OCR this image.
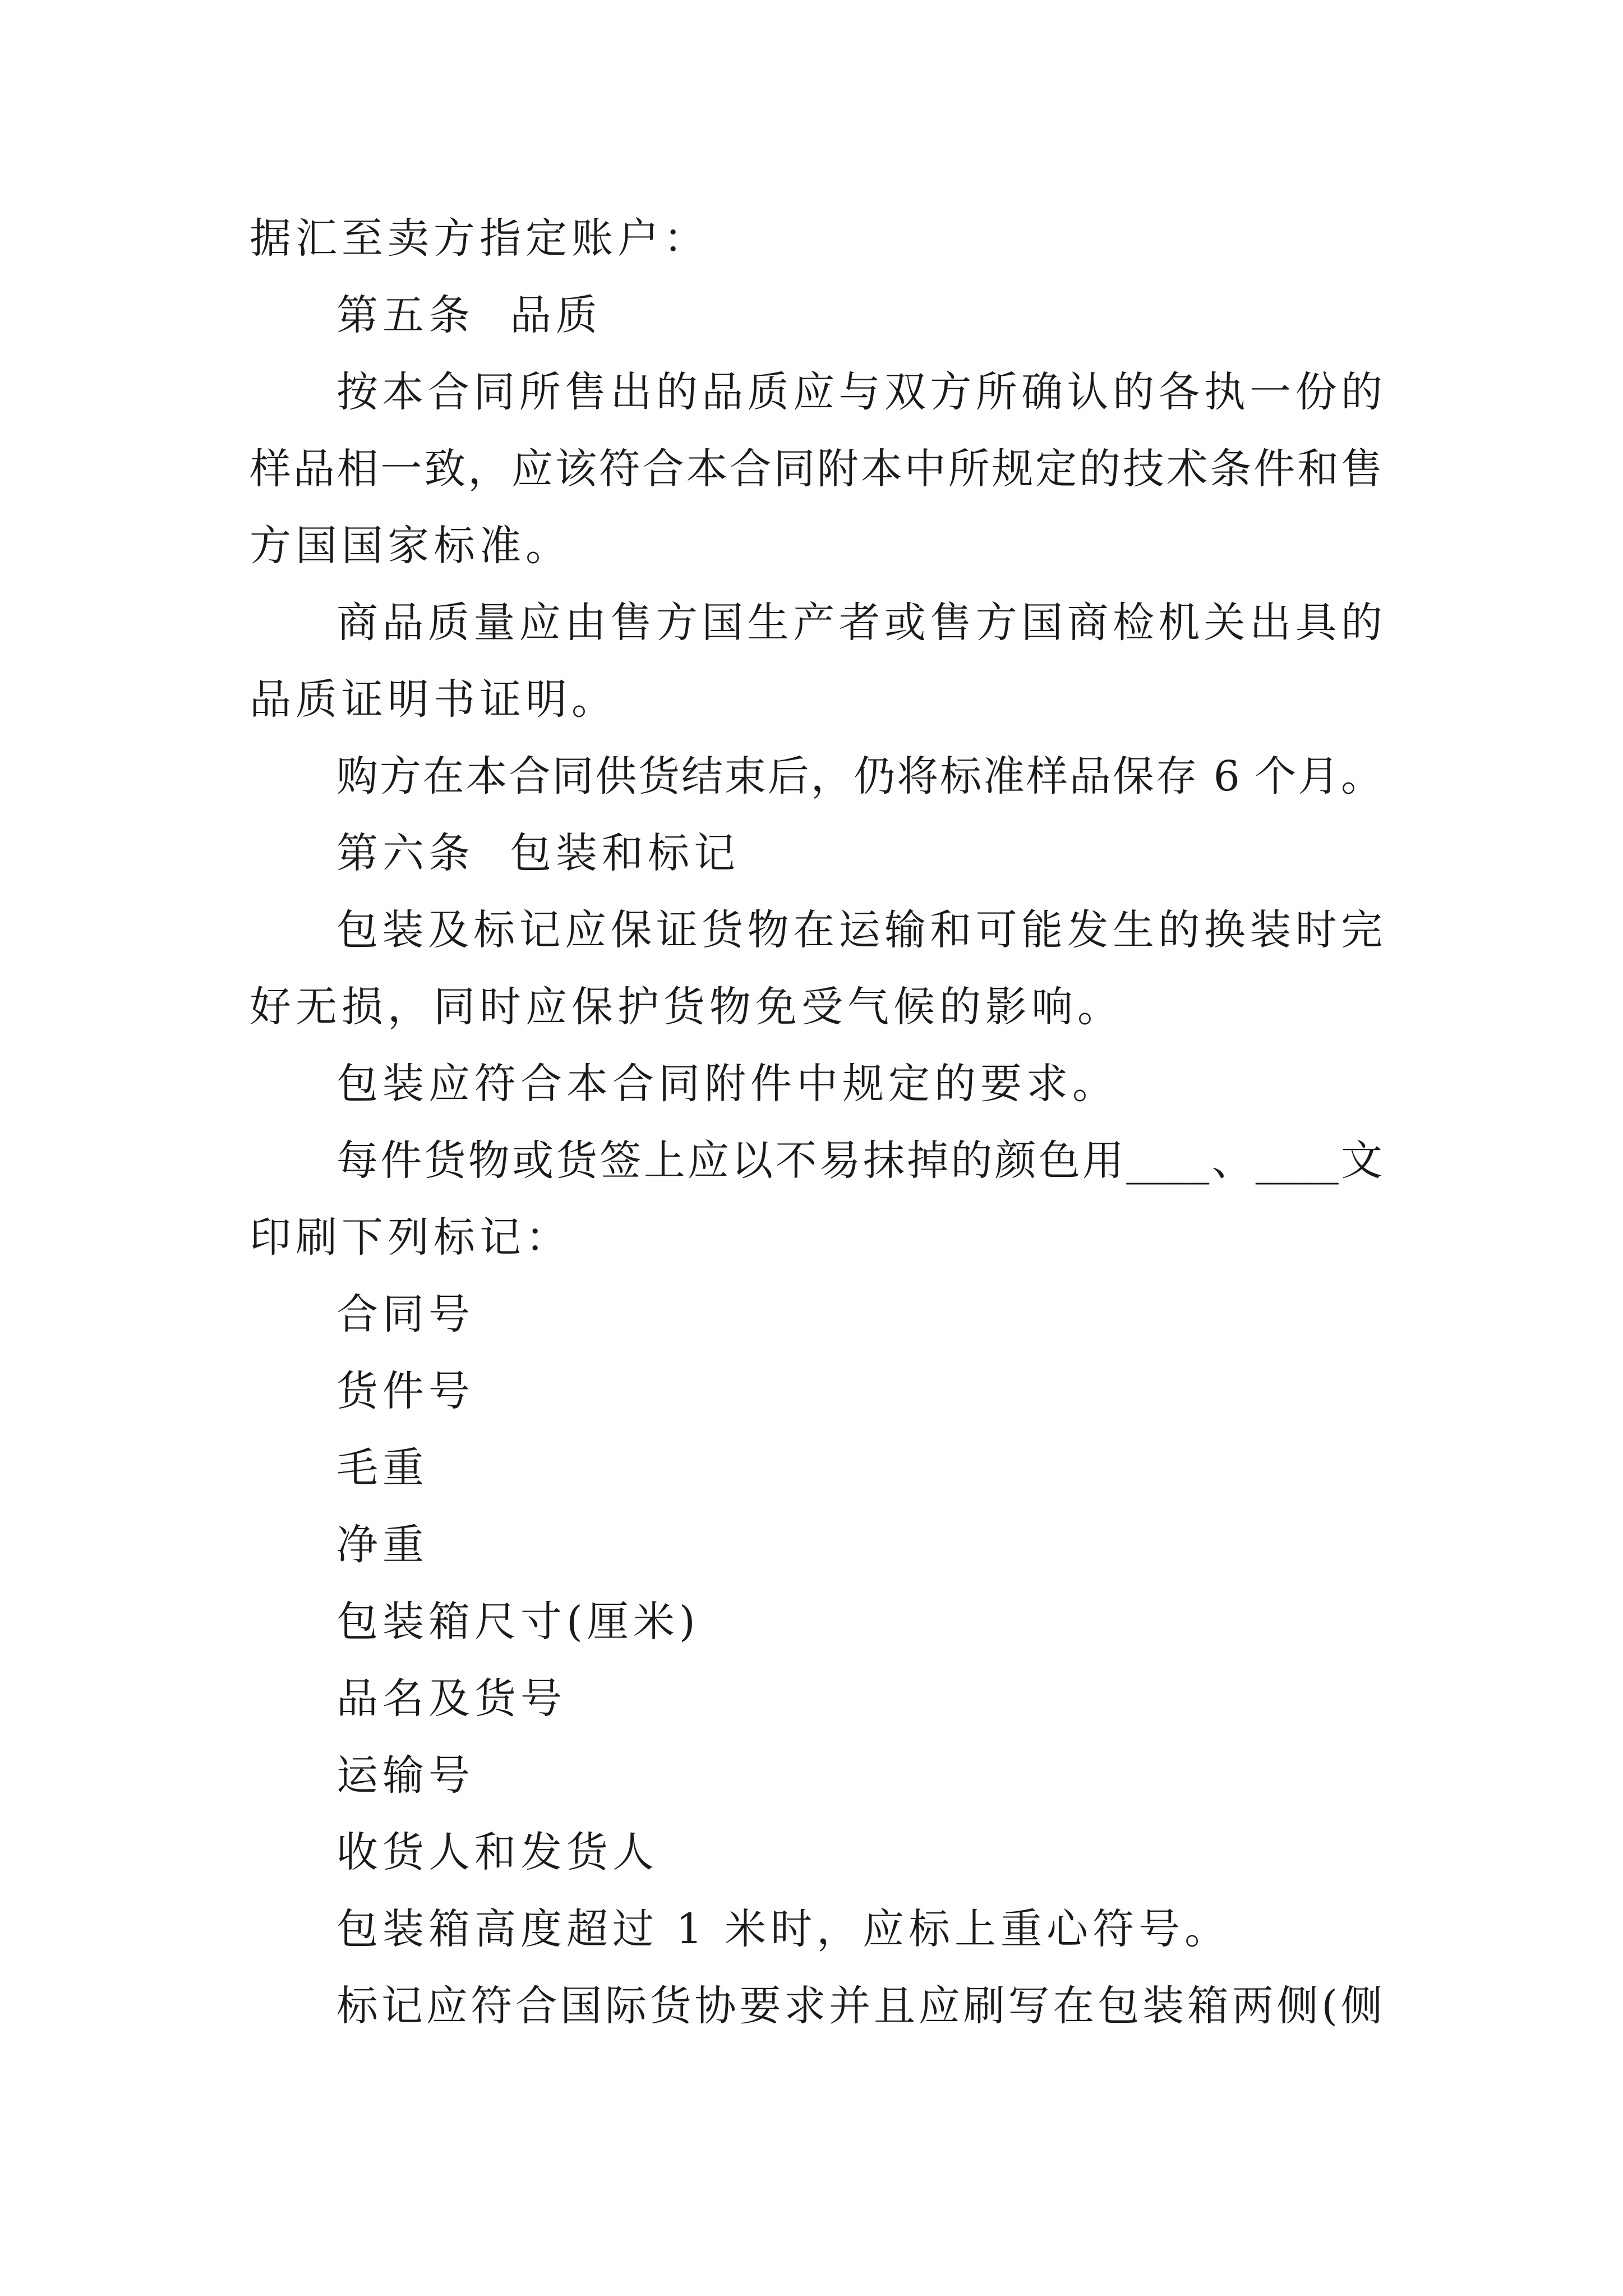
据汇至卖方指定账户：
第五条  品质
按本合同所售出的品质应与双方所确认的各执一份的
样品相一致，应该符合本合同附本中所规定的技术条件和售
方国国家标准。
商品质量应由售方国生产者或售方国商检机关出具的
品质证明书证明。
购方在本合同供货结束后，仍将标准样品保存 6 个月。
第六条  包装和标记
包装及标记应保证货物在运输和可能发生的换装时完
好无损，同时应保护货物免受气候的影响。
包装应符合本合同附件中规定的要求。
每件货物或货签上应以不易抹掉的颜色用____、____文
印刷下列标记：
合同号
货件号
毛重
净重
包装箱尺寸(厘米)
品名及货号
运输号
收货人和发货人
包装箱高度超过 1 米时，应标上重心符号。
标记应符合国际货协要求并且应刷写在包装箱两侧(侧
